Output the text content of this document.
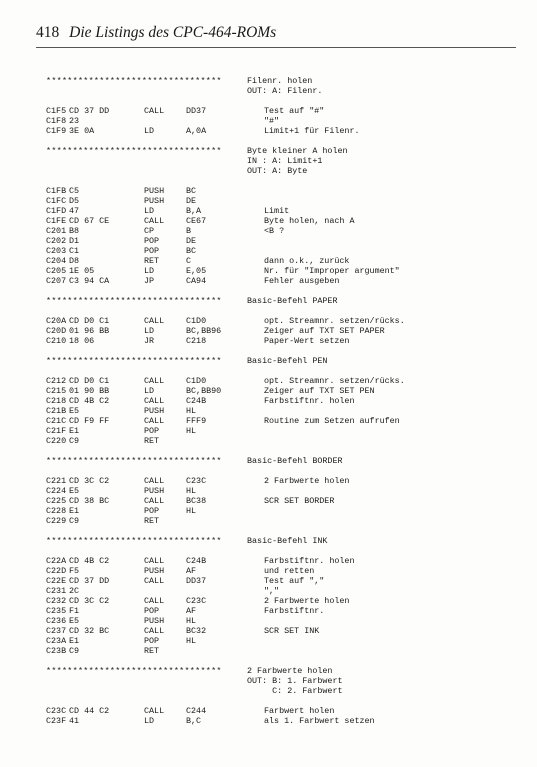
418 Die Listings des CPC-464-ROMs
*********************************	Filenr. holen
OUT: A: Filenr.
C1F5 CD 37 DD	CALL	DD37	Test auf "#"
C1F8 23	"#"
C1F9 3E 0A	LD	A,0A	Limit+1 für Filenr.
*********************************	Byte kleiner A holen
IN : A: Limit+1
OUT: A: Byte
C1FB C5	PUSH	BC
C1FC D5	PUSH	DE
C1FD 47	LD	B,A	Limit
C1FE CD 67 CE	CALL	CE67	Byte holen, nach A
C201 B8	CP	B	<B ?
C202 D1	POP	DE
C203 C1	POP	BC
C204 D8	RET	C	dann o.k., zurück
C205 1E 05	LD	E,05	Nr. für "Improper argument"
C207 C3 94 CA	JP	CA94	Fehler ausgeben
*********************************	Basic-Befehl PAPER
C20A CD D0 C1	CALL	C1D0	opt. Streamnr. setzen/rücks.
C20D 01 96 BB	LD	BC,BB96	Zeiger auf TXT SET PAPER
C210 18 06	JR	C218	Paper-Wert setzen
*********************************	Basic-Befehl PEN
C212 CD D0 C1	CALL	C1D0	opt. Streamnr. setzen/rücks.
C215 01 90 BB	LD	BC,BB90	Zeiger auf TXT SET PEN
C218 CD 4B C2	CALL	C24B	Farbstiftnr. holen
C21B E5	PUSH	HL
C21C CD F9 FF	CALL	FFF9	Routine zum Setzen aufrufen
C21F E1	POP	HL
C220 C9	RET
*********************************	Basic-Befehl BORDER
C221 CD 3C C2	CALL	C23C	2 Farbwerte holen
C224 E5	PUSH	HL
C225 CD 38 BC	CALL	BC38	SCR SET BORDER
C228 E1	POP	HL
C229 C9	RET
*********************************	Basic-Befehl INK
C22A CD 4B C2	CALL	C24B	Farbstiftnr. holen
C22D F5	PUSH	AF	und retten
C22E CD 37 DD	CALL	DD37	Test auf ","
C231 2C	","
C232 CD 3C C2	CALL	C23C	2 Farbwerte holen
C235 F1	POP	AF	Farbstiftnr.
C236 E5	PUSH	HL
C237 CD 32 BC	CALL	BC32	SCR SET INK
C23A E1	POP	HL
C23B C9	RET
*********************************	2 Farbwerte holen
OUT: B: 1. Farbwert
C: 2. Farbwert
C23C CD 44 C2	CALL	C244	Farbwert holen
C23F 41	LD	B,C	als 1. Farbwert setzen
